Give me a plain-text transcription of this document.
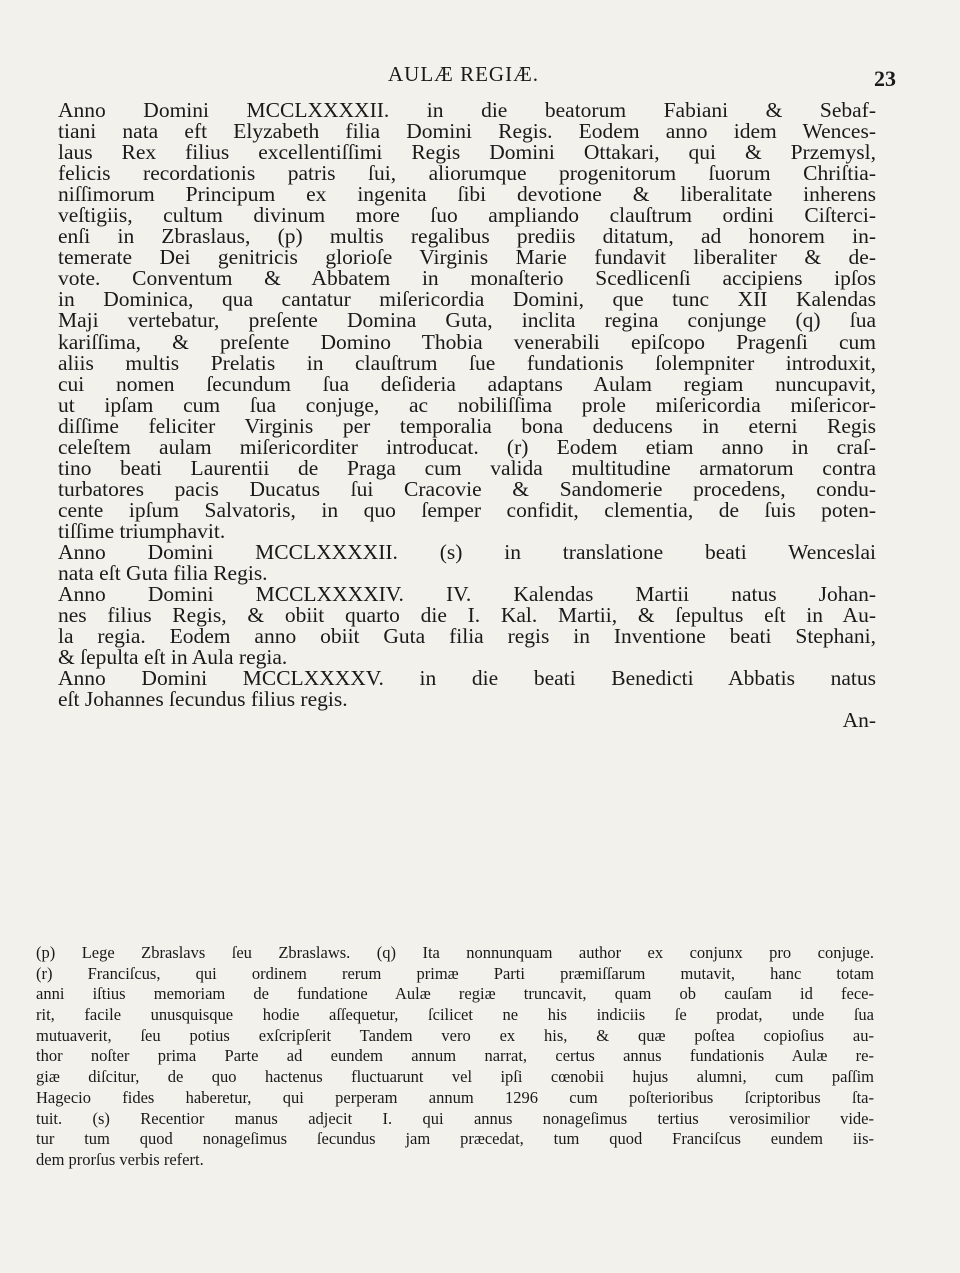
AULÆ REGIÆ.	23
Anno Domini MCCLXXXXII. in die beatorum Fabiani & Sebaf-
tiani nata eft Elyzabeth filia Domini Regis. Eodem anno idem Wences-
laus Rex filius excellentiſſimi Regis Domini Ottakari, qui & Przemysl,
felicis recordationis patris ſui, aliorumque progenitorum ſuorum Chriſtia-
niſſimorum Principum ex ingenita ſibi devotione & liberalitate inherens
veſtigiis, cultum divinum more ſuo ampliando clauſtrum ordini Ciſterci-
enſi in Zbraslaus, (p) multis regalibus prediis ditatum, ad honorem in-
temerate Dei genitricis glorioſe Virginis Marie fundavit liberaliter & de-
vote. Conventum & Abbatem in monaſterio Scedlicenſi accipiens ipſos
in Dominica, qua cantatur miſericordia Domini, que tunc XII Kalendas
Maji vertebatur, preſente Domina Guta, inclita regina conjunge (q) ſua
kariſſima, & preſente Domino Thobia venerabili epiſcopo Pragenſi cum
aliis multis Prelatis in clauſtrum ſue fundationis ſolempniter introduxit,
cui nomen ſecundum ſua deſideria adaptans Aulam regiam nuncupavit,
ut ipſam cum ſua conjuge, ac nobiliſſima prole miſericordia miſericor-
diſſime feliciter Virginis per temporalia bona deducens in eterni Regis
celeſtem aulam miſericorditer introducat. (r) Eodem etiam anno in craſ-
tino beati Laurentii de Praga cum valida multitudine armatorum contra
turbatores pacis Ducatus ſui Cracovie & Sandomerie procedens, condu-
cente ipſum Salvatoris, in quo ſemper confidit, clementia, de ſuis poten-
tiſſime triumphavit.
Anno Domini MCCLXXXXII. (s) in translatione beati Wenceslai
nata eſt Guta filia Regis.
Anno Domini MCCLXXXXIV. IV. Kalendas Martii natus Johan-
nes filius Regis, & obiit quarto die I. Kal. Martii, & ſepultus eſt in Au-
la regia. Eodem anno obiit Guta filia regis in Inventione beati Stephani,
& ſepulta eſt in Aula regia.
Anno Domini MCCLXXXXV. in die beati Benedicti Abbatis natus
eſt Johannes ſecundus filius regis.
An-
(p) Lege Zbraslavs ſeu Zbraslaws. (q) Ita nonnunquam author ex conjunx pro conjuge.
(r) Franciſcus, qui ordinem rerum primæ Parti præmiſſarum mutavit, hanc totam
anni iſtius memoriam de fundatione Aulæ regiæ truncavit, quam ob cauſam id fece-
rit, facile unusquisque hodie aſſequetur, ſcilicet ne his indiciis ſe prodat, unde ſua
mutuaverit, ſeu potius exſcripſerit Tandem vero ex his, & quæ poſtea copioſius au-
thor noſter prima Parte ad eundem annum narrat, certus annus fundationis Aulæ re-
giæ diſcitur, de quo hactenus fluctuarunt vel ipſi cœnobii hujus alumni, cum paſſim
Hagecio fides haberetur, qui perperam annum 1296 cum poſterioribus ſcriptoribus ſta-
tuit. (s) Recentior manus adjecit I. qui annus nonageſimus tertius verosimilior vide-
tur tum quod nonageſimus ſecundus jam præcedat, tum quod Franciſcus eundem iis-
dem prorſus verbis refert.
